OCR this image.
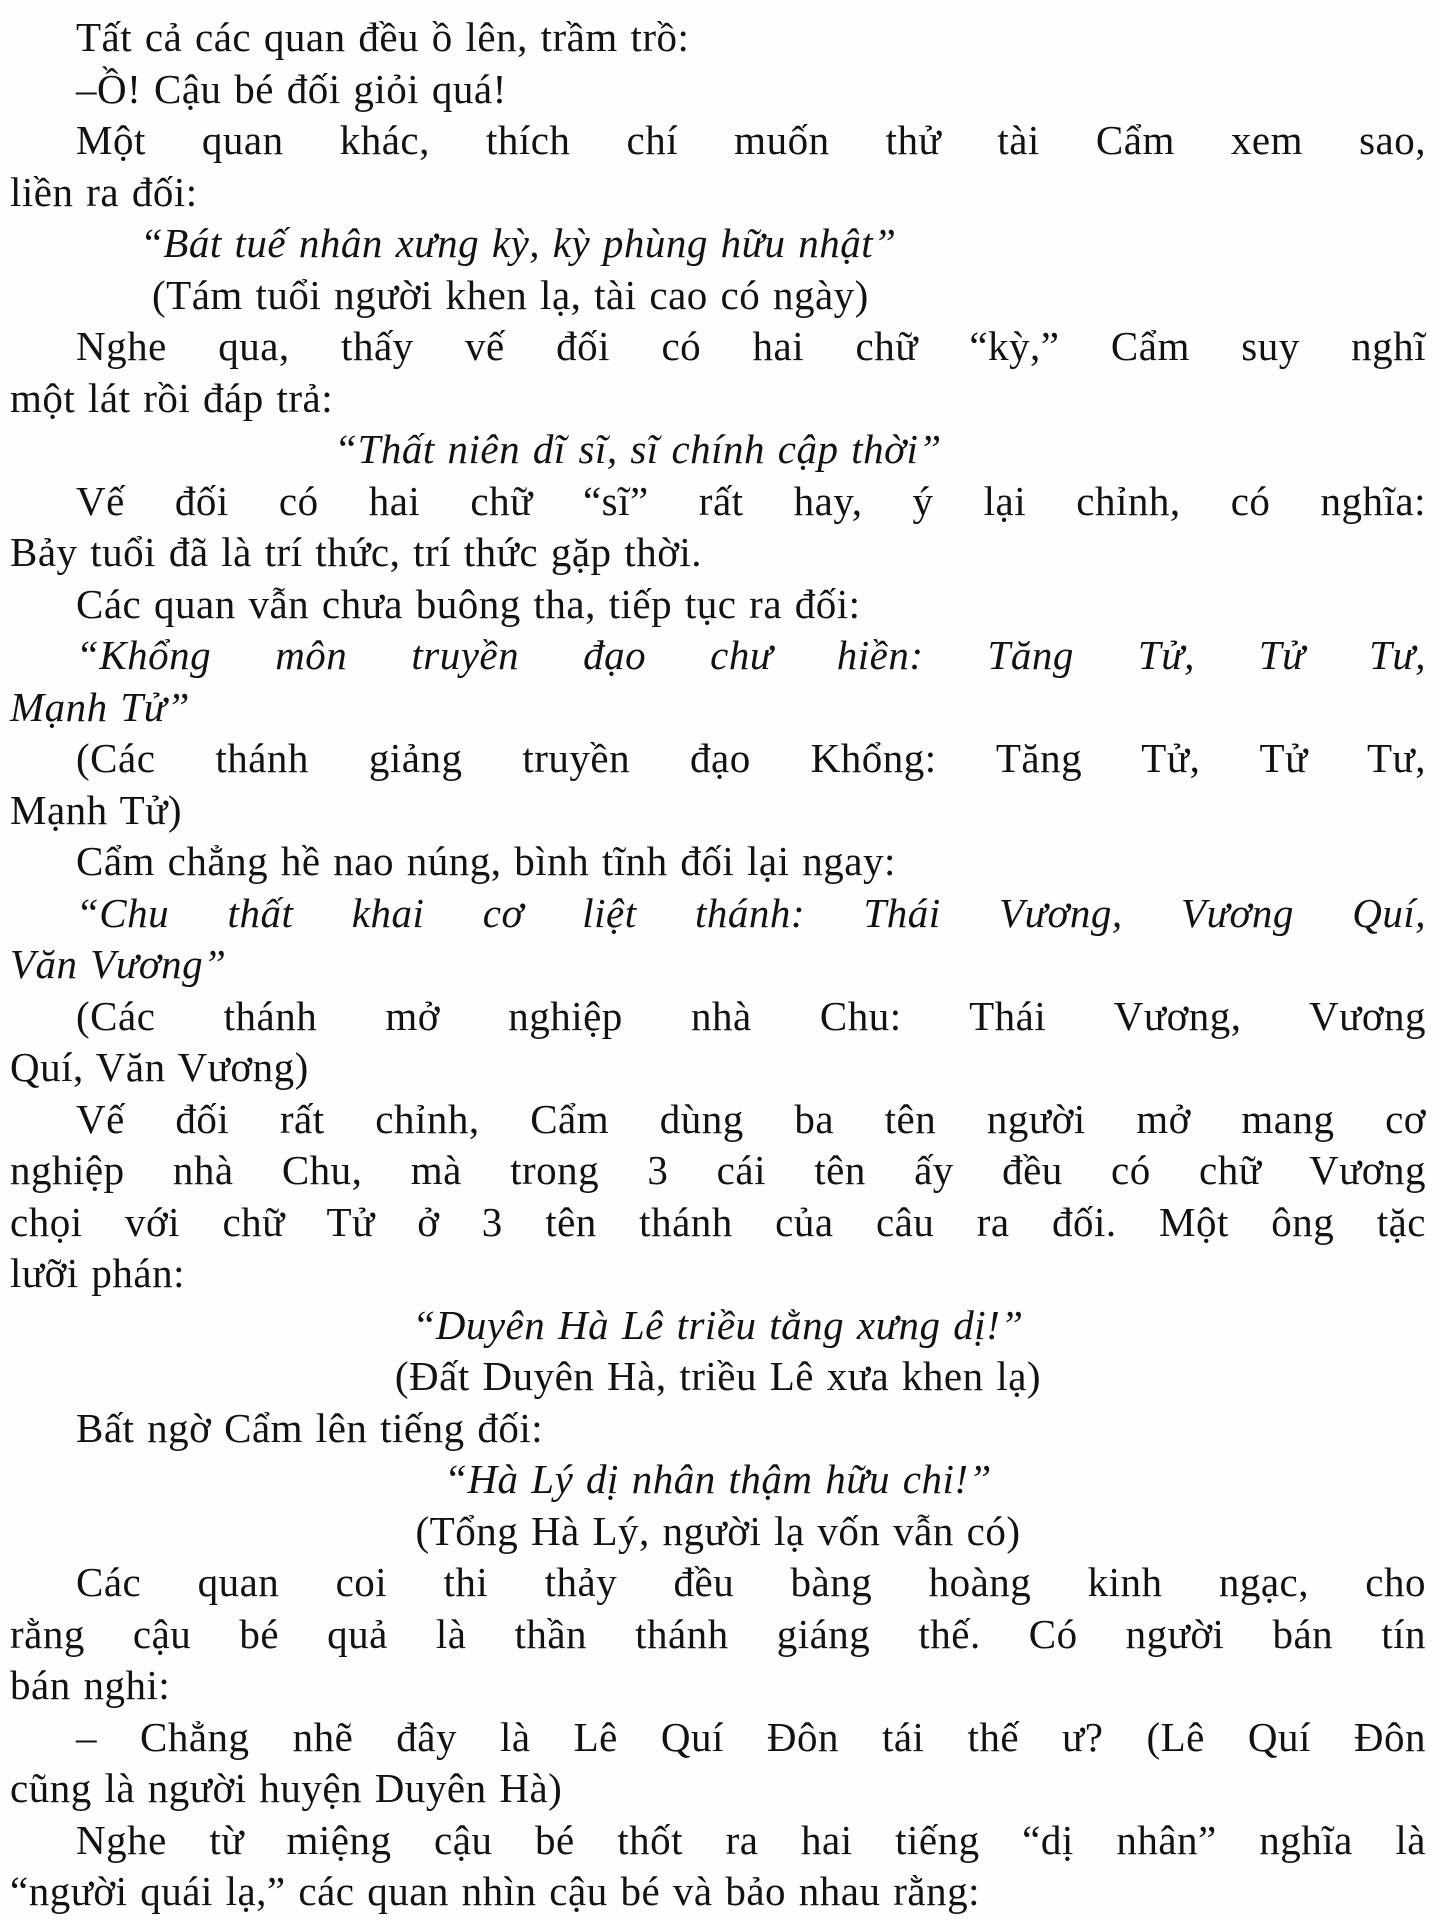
Tất cả các quan đều ồ lên, trầm trồ:

–Ồ! Cậu bé đối giỏi quá!

Một quan khác, thích chí muốn thử tài Cẩm xem sao,
liền ra đối:

“Bát tuế nhân xưng kỳ, kỳ phùng hữu nhật”

(Tám tuổi người khen lạ, tài cao có ngày)

Nghe qua, thấy vế đối có hai chữ “kỳ,” Cẩm suy nghĩ
một lát rồi đáp trả:

“Thất niên dĩ sĩ, sĩ chính cập thời”

Vế đối có hai chữ “sĩ” rất hay, ý lại chỉnh, có nghĩa:
Bảy tuổi đã là trí thức, trí thức gặp thời.

Các quan vẫn chưa buông tha, tiếp tục ra đối:

“Khổng môn truyền đạo chư hiền: Tăng Tử, Tử Tư,
Mạnh Tử”

(Các thánh giảng truyền đạo Khổng: Tăng Tử, Tử Tư,
Mạnh Tử)

Cẩm chẳng hề nao núng, bình tĩnh đối lại ngay:

“Chu thất khai cơ liệt thánh: Thái Vương, Vương Quí,
Văn Vương”

(Các thánh mở nghiệp nhà Chu: Thái Vương, Vương
Quí, Văn Vương)

Vế đối rất chỉnh, Cẩm dùng ba tên người mở mang cơ
nghiệp nhà Chu, mà trong 3 cái tên ấy đều có chữ Vương
chọi với chữ Tử ở 3 tên thánh của câu ra đối. Một ông tặc
lưỡi phán:

“Duyên Hà Lê triều tằng xưng dị!”

(Đất Duyên Hà, triều Lê xưa khen lạ)

Bất ngờ Cẩm lên tiếng đối:

“Hà Lý dị nhân thậm hữu chi!”

(Tổng Hà Lý, người lạ vốn vẫn có)

Các quan coi thi thảy đều bàng hoàng kinh ngạc, cho
rằng cậu bé quả là thần thánh giáng thế. Có người bán tín
bán nghi:

– Chẳng nhẽ đây là Lê Quí Đôn tái thế ư? (Lê Quí Đôn
cũng là người huyện Duyên Hà)

Nghe từ miệng cậu bé thốt ra hai tiếng “dị nhân” nghĩa là
“người quái lạ,” các quan nhìn cậu bé và bảo nhau rằng:
